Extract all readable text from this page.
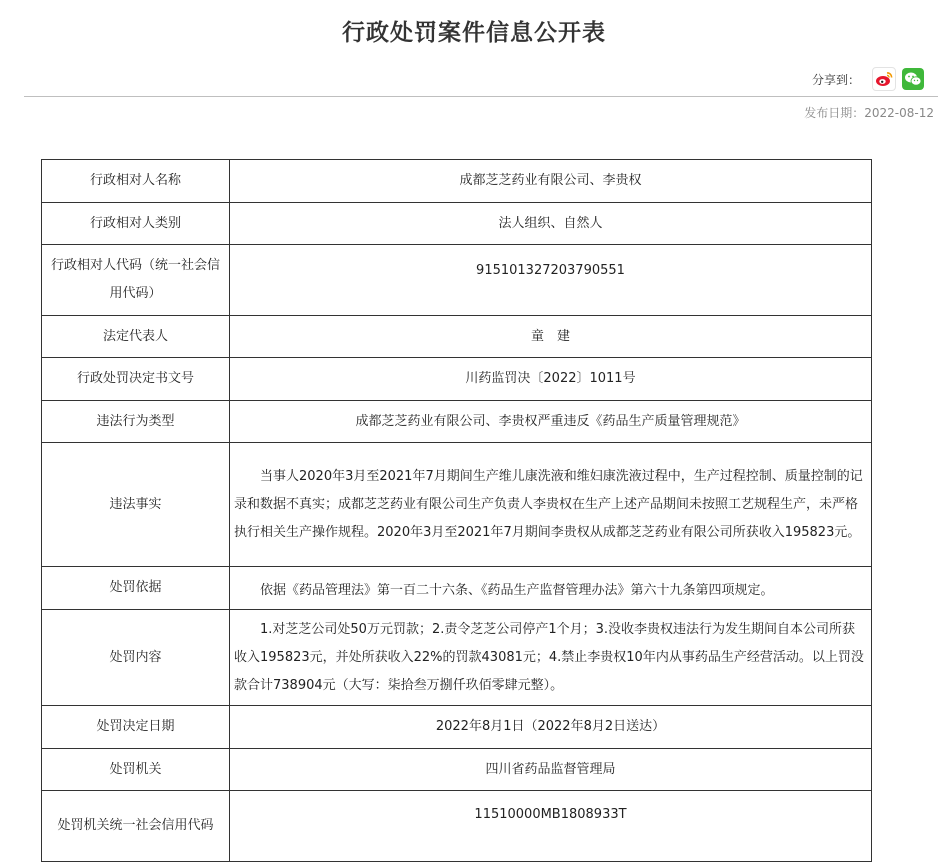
行政处罚案件信息公开表
分享到：
发布日期：2022-08-12
行政相对人名称	成都芝芝药业有限公司、李贵权
行政相对人类别	法人组织、自然人
行政相对人代码（统一社会信用代码）	915101327203790551
法定代表人	童　建
行政处罚决定书文号	川药监罚决〔2022〕1011号
违法行为类型	成都芝芝药业有限公司、李贵权严重违反《药品生产质量管理规范》
违法事实	当事人2020年3月至2021年7月期间生产维儿康洗液和维妇康洗液过程中，生产过程控制、质量控制的记录和数据不真实；成都芝芝药业有限公司生产负责人李贵权在生产上述产品期间未按照工艺规程生产，未严格执行相关生产操作规程。2020年3月至2021年7月期间李贵权从成都芝芝药业有限公司所获收入195823元。

处罚依据	依据《药品管理法》第一百二十六条、《药品生产监督管理办法》第六十九条第四项规定。

处罚内容	1.对芝芝公司处50万元罚款；2.责令芝芝公司停产1个月；3.没收李贵权违法行为发生期间自本公司所获收入195823元，并处所获收入22%的罚款43081元；4.禁止李贵权10年内从事药品生产经营活动。以上罚没款合计738904元（大写：柒拾叁万捌仟玖佰零肆元整）。

处罚决定日期	2022年8月1日（2022年8月2日送达）
处罚机关	四川省药品监督管理局
处罚机关统一社会信用代码	11510000MB1808933T
